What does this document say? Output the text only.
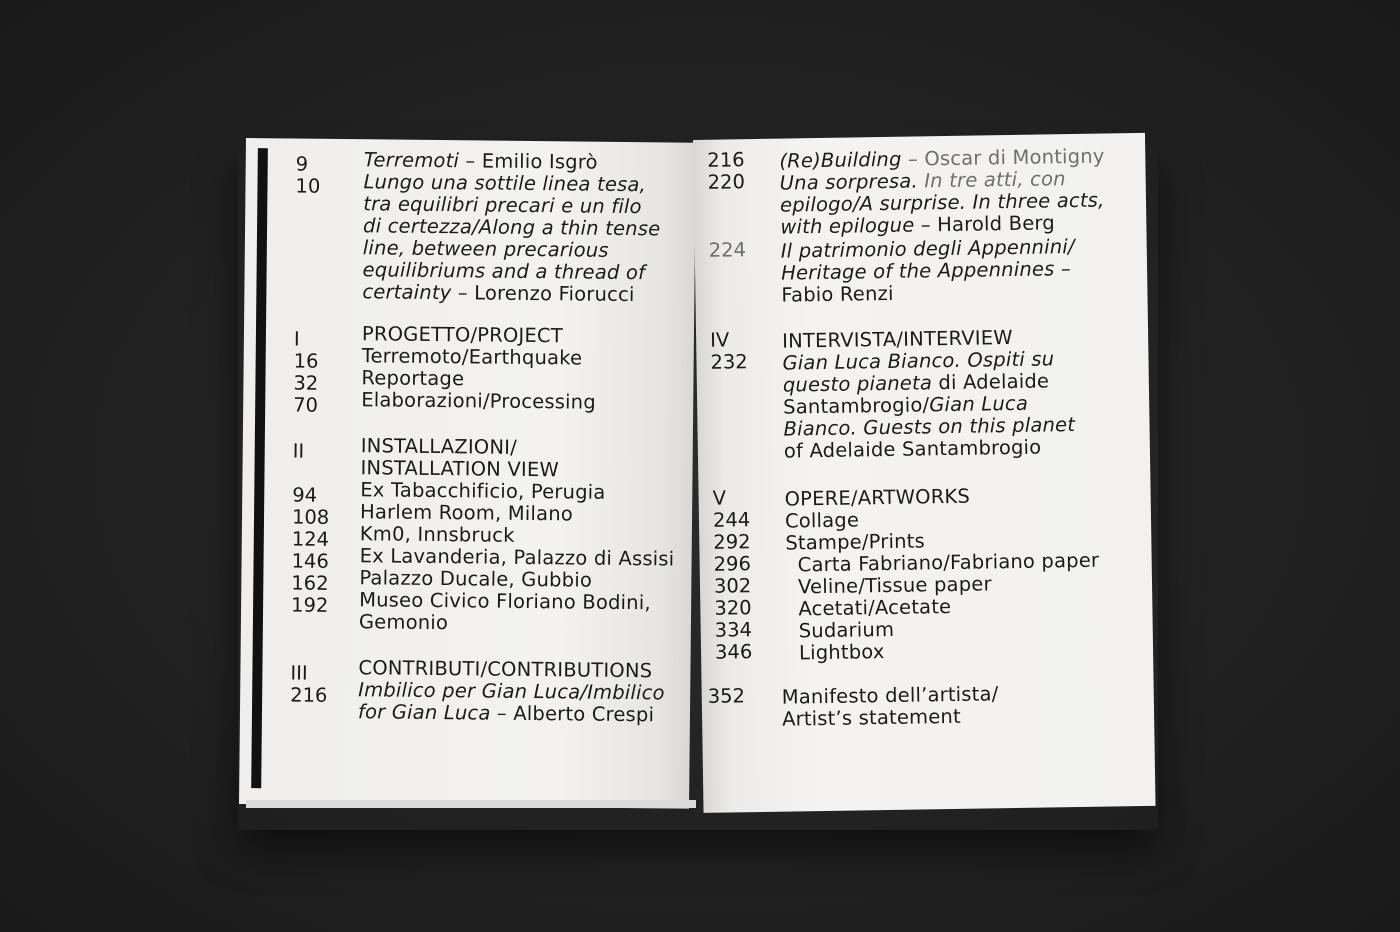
9	Terremoti – Emilio Isgrò
10 Lungo una sottile linea tesa,
tra equilibri precari e un filo
di certezza/Along a thin tense
line, between precarious
equilibriums and a thread of
certainty – Lorenzo Fiorucci
I	PROGETTO/PROJECT
16 Terremoto/Earthquake
32 Reportage
70 Elaborazioni/Processing
II	INSTALLAZIONI/
INSTALLATION VIEW
94 Ex Tabacchificio, Perugia
108 Harlem Room, Milano
124 Km0, Innsbruck
146 Ex Lavanderia, Palazzo di Assisi
162 Palazzo Ducale, Gubbio
192 Museo Civico Floriano Bodini,
Gemonio
III	CONTRIBUTI/CONTRIBUTIONS
216 Imbilico per Gian Luca/Imbilico
for Gian Luca – Alberto Crespi
216 (Re)Building – Oscar di Montigny
220 Una sorpresa. In tre atti, con
epilogo/A surprise. In three acts,
with epilogue – Harold Berg
224 Il patrimonio degli Appennini/
Heritage of the Appennines –
Fabio Renzi
IV	INTERVISTA/INTERVIEW
232 Gian Luca Bianco. Ospiti su
questo pianeta di Adelaide
Santambrogio/Gian Luca
Bianco. Guests on this planet
of Adelaide Santambrogio
V	OPERE/ARTWORKS
244 Collage
292 Stampe/Prints
296 Carta Fabriano/Fabriano paper
302 Veline/Tissue paper
320 Acetati/Acetate
334 Sudarium
346 Lightbox
352 Manifesto dell’artista/
Artist’s statement
